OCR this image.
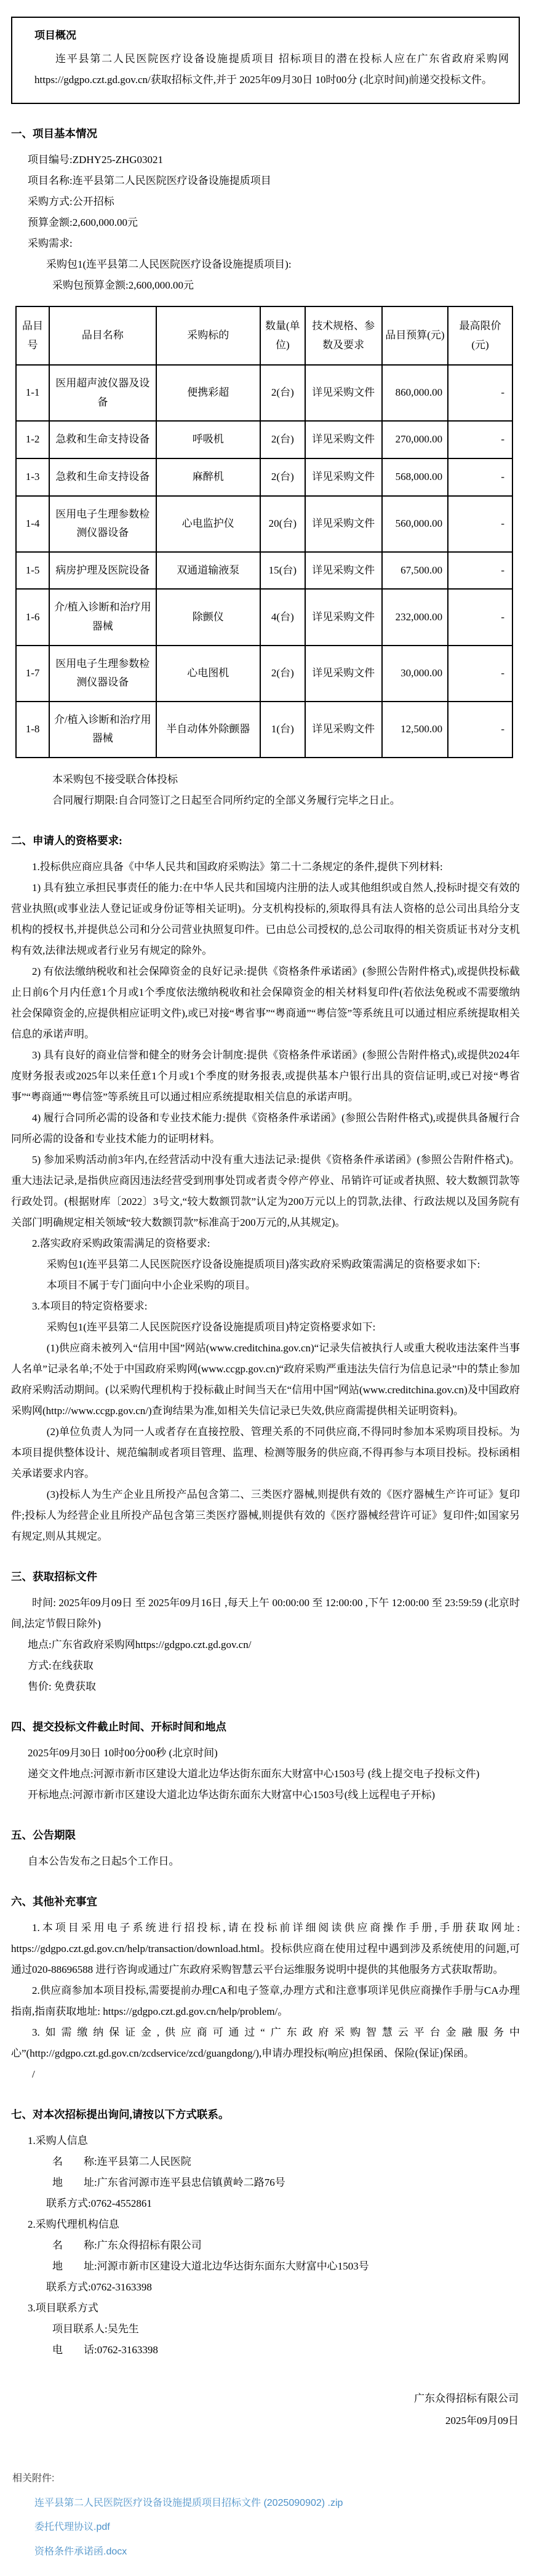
项目概况

连平县第二人民医院医疗设备设施提质项目 招标项目的潜在投标人应在广东省政府采购网https://gdgpo.czt.gd.gov.cn/获取招标文件,并于 2025年09月30日 10时00分 (北京时间)前递交投标文件。

一、项目基本情况

项目编号:ZDHY25-ZHG03021

项目名称:连平县第二人民医院医疗设备设施提质项目

采购方式:公开招标

预算金额:2,600,000.00元

采购需求:

采购包1(连平县第二人民医院医疗设备设施提质项目):

采购包预算金额:2,600,000.00元

品目号	品目名称	采购标的	数量(单位)	技术规格、参数及要求	品目预算(元)	最高限价(元)
1-1	医用超声波仪器及设备	便携彩超	2(台)	详见采购文件	860,000.00	-
1-2	急救和生命支持设备	呼吸机	2(台)	详见采购文件	270,000.00	-
1-3	急救和生命支持设备	麻醉机	2(台)	详见采购文件	568,000.00	-
1-4	医用电子生理参数检测仪器设备	心电监护仪	20(台)	详见采购文件	560,000.00	-
1-5	病房护理及医院设备	双通道输液泵	15(台)	详见采购文件	67,500.00	-
1-6	介/植入诊断和治疗用器械	除颤仪	4(台)	详见采购文件	232,000.00	-
1-7	医用电子生理参数检测仪器设备	心电图机	2(台)	详见采购文件	30,000.00	-
1-8	介/植入诊断和治疗用器械	半自动体外除颤器	1(台)	详见采购文件	12,500.00	-

本采购包不接受联合体投标

合同履行期限:自合同签订之日起至合同所约定的全部义务履行完毕之日止。

二、申请人的资格要求:

1.投标供应商应具备《中华人民共和国政府采购法》第二十二条规定的条件,提供下列材料:

1) 具有独立承担民事责任的能力:在中华人民共和国境内注册的法人或其他组织或自然人,投标时提交有效的营业执照(或事业法人登记证或身份证等相关证明)。分支机构投标的,须取得具有法人资格的总公司出具给分支机构的授权书,并提供总公司和分公司营业执照复印件。已由总公司授权的,总公司取得的相关资质证书对分支机构有效,法律法规或者行业另有规定的除外。

2) 有依法缴纳税收和社会保障资金的良好记录:提供《资格条件承诺函》(参照公告附件格式),或提供投标截止日前6个月内任意1个月或1个季度依法缴纳税收和社会保障资金的相关材料复印件(若依法免税或不需要缴纳社会保障资金的,应提供相应证明文件),或已对接“粤省事”“粤商通”“粤信签”等系统且可以通过相应系统提取相关信息的承诺声明。

3) 具有良好的商业信誉和健全的财务会计制度:提供《资格条件承诺函》(参照公告附件格式),或提供2024年度财务报表或2025年以来任意1个月或1个季度的财务报表,或提供基本户银行出具的资信证明,或已对接“粤省事”“粤商通”“粤信签”等系统且可以通过相应系统提取相关信息的承诺声明。

4) 履行合同所必需的设备和专业技术能力:提供《资格条件承诺函》(参照公告附件格式),或提供具备履行合同所必需的设备和专业技术能力的证明材料。

5) 参加采购活动前3年内,在经营活动中没有重大违法记录:提供《资格条件承诺函》(参照公告附件格式)。重大违法记录,是指供应商因违法经营受到刑事处罚或者责令停产停业、吊销许可证或者执照、较大数额罚款等行政处罚。(根据财库〔2022〕3号文,“较大数额罚款”认定为200万元以上的罚款,法律、行政法规以及国务院有关部门明确规定相关领域“较大数额罚款”标准高于200万元的,从其规定)。

2.落实政府采购政策需满足的资格要求:

采购包1(连平县第二人民医院医疗设备设施提质项目)落实政府采购政策需满足的资格要求如下:

本项目不属于专门面向中小企业采购的项目。

3.本项目的特定资格要求:

采购包1(连平县第二人民医院医疗设备设施提质项目)特定资格要求如下:

(1)供应商未被列入“信用中国”网站(www.creditchina.gov.cn)“记录失信被执行人或重大税收违法案件当事人名单”记录名单;不处于中国政府采购网(www.ccgp.gov.cn)“政府采购严重违法失信行为信息记录”中的禁止参加政府采购活动期间。(以采购代理机构于投标截止时间当天在“信用中国”网站(www.creditchina.gov.cn)及中国政府采购网(http://www.ccgp.gov.cn/)查询结果为准,如相关失信记录已失效,供应商需提供相关证明资料)。

(2)单位负责人为同一人或者存在直接控股、管理关系的不同供应商,不得同时参加本采购项目投标。为本项目提供整体设计、规范编制或者项目管理、监理、检测等服务的供应商,不得再参与本项目投标。投标函相关承诺要求内容。

(3)投标人为生产企业且所投产品包含第二、三类医疗器械,则提供有效的《医疗器械生产许可证》复印件;投标人为经营企业且所投产品包含第三类医疗器械,则提供有效的《医疗器械经营许可证》复印件;如国家另有规定,则从其规定。

三、获取招标文件

时间: 2025年09月09日 至 2025年09月16日 ,每天上午 00:00:00 至 12:00:00 ,下午 12:00:00 至 23:59:59 (北京时间,法定节假日除外)

地点:广东省政府采购网https://gdgpo.czt.gd.gov.cn/

方式:在线获取

售价: 免费获取

四、提交投标文件截止时间、开标时间和地点

2025年09月30日 10时00分00秒 (北京时间)

递交文件地点:河源市新市区建设大道北边华达街东面东大财富中心1503号 (线上提交电子投标文件)

开标地点:河源市新市区建设大道北边华达街东面东大财富中心1503号(线上远程电子开标)

五、公告期限

自本公告发布之日起5个工作日。

六、其他补充事宜

1.本项目采用电子系统进行招投标,请在投标前详细阅读供应商操作手册,手册获取网址: https://gdgpo.czt.gd.gov.cn/help/transaction/download.html。投标供应商在使用过程中遇到涉及系统使用的问题,可通过020-88696588 进行咨询或通过广东政府采购智慧云平台运维服务说明中提供的其他服务方式获取帮助。

2.供应商参加本项目投标,需要提前办理CA和电子签章,办理方式和注意事项详见供应商操作手册与CA办理指南,指南获取地址: https://gdgpo.czt.gd.gov.cn/help/problem/。

3.如需缴纳保证金,供应商可通过“广东政府采购智慧云平台金融服务中心”(http://gdgpo.czt.gd.gov.cn/zcdservice/zcd/guangdong/),申请办理投标(响应)担保函、保险(保证)保函。

/

七、对本次招标提出询问,请按以下方式联系。

1.采购人信息

名　　称:连平县第二人民医院

地　　址:广东省河源市连平县忠信镇黄岭二路76号

联系方式:0762-4552861

2.采购代理机构信息

名　　称:广东众得招标有限公司

地　　址:河源市新市区建设大道北边华达街东面东大财富中心1503号

联系方式:0762-3163398

3.项目联系方式

项目联系人:吴先生

电　　话:0762-3163398

广东众得招标有限公司
2025年09月09日
相关附件:
连平县第二人民医院医疗设备设施提质项目招标文件 (2025090902) .zip
委托代理协议.pdf
资格条件承诺函.docx
